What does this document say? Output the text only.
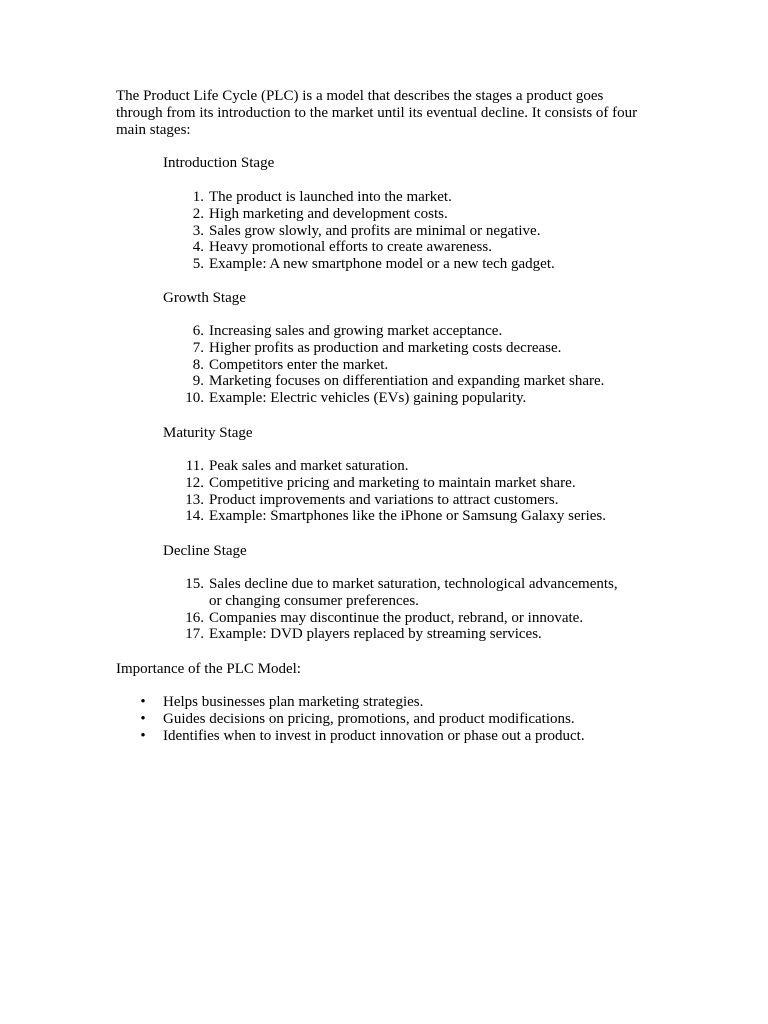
The Product Life Cycle (PLC) is a model that describes the stages a product goes through from its introduction to the market until its eventual decline. It consists of four main stages:

Introduction Stage

1. The product is launched into the market.
2. High marketing and development costs.
3. Sales grow slowly, and profits are minimal or negative.
4. Heavy promotional efforts to create awareness.
5. Example: A new smartphone model or a new tech gadget.

Growth Stage

6. Increasing sales and growing market acceptance.
7. Higher profits as production and marketing costs decrease.
8. Competitors enter the market.
9. Marketing focuses on differentiation and expanding market share.
10. Example: Electric vehicles (EVs) gaining popularity.

Maturity Stage

11. Peak sales and market saturation.
12. Competitive pricing and marketing to maintain market share.
13. Product improvements and variations to attract customers.
14. Example: Smartphones like the iPhone or Samsung Galaxy series.

Decline Stage

15. Sales decline due to market saturation, technological advancements, or changing consumer preferences.
16. Companies may discontinue the product, rebrand, or innovate.
17. Example: DVD players replaced by streaming services.

Importance of the PLC Model:

• Helps businesses plan marketing strategies.
• Guides decisions on pricing, promotions, and product modifications.
• Identifies when to invest in product innovation or phase out a product.
